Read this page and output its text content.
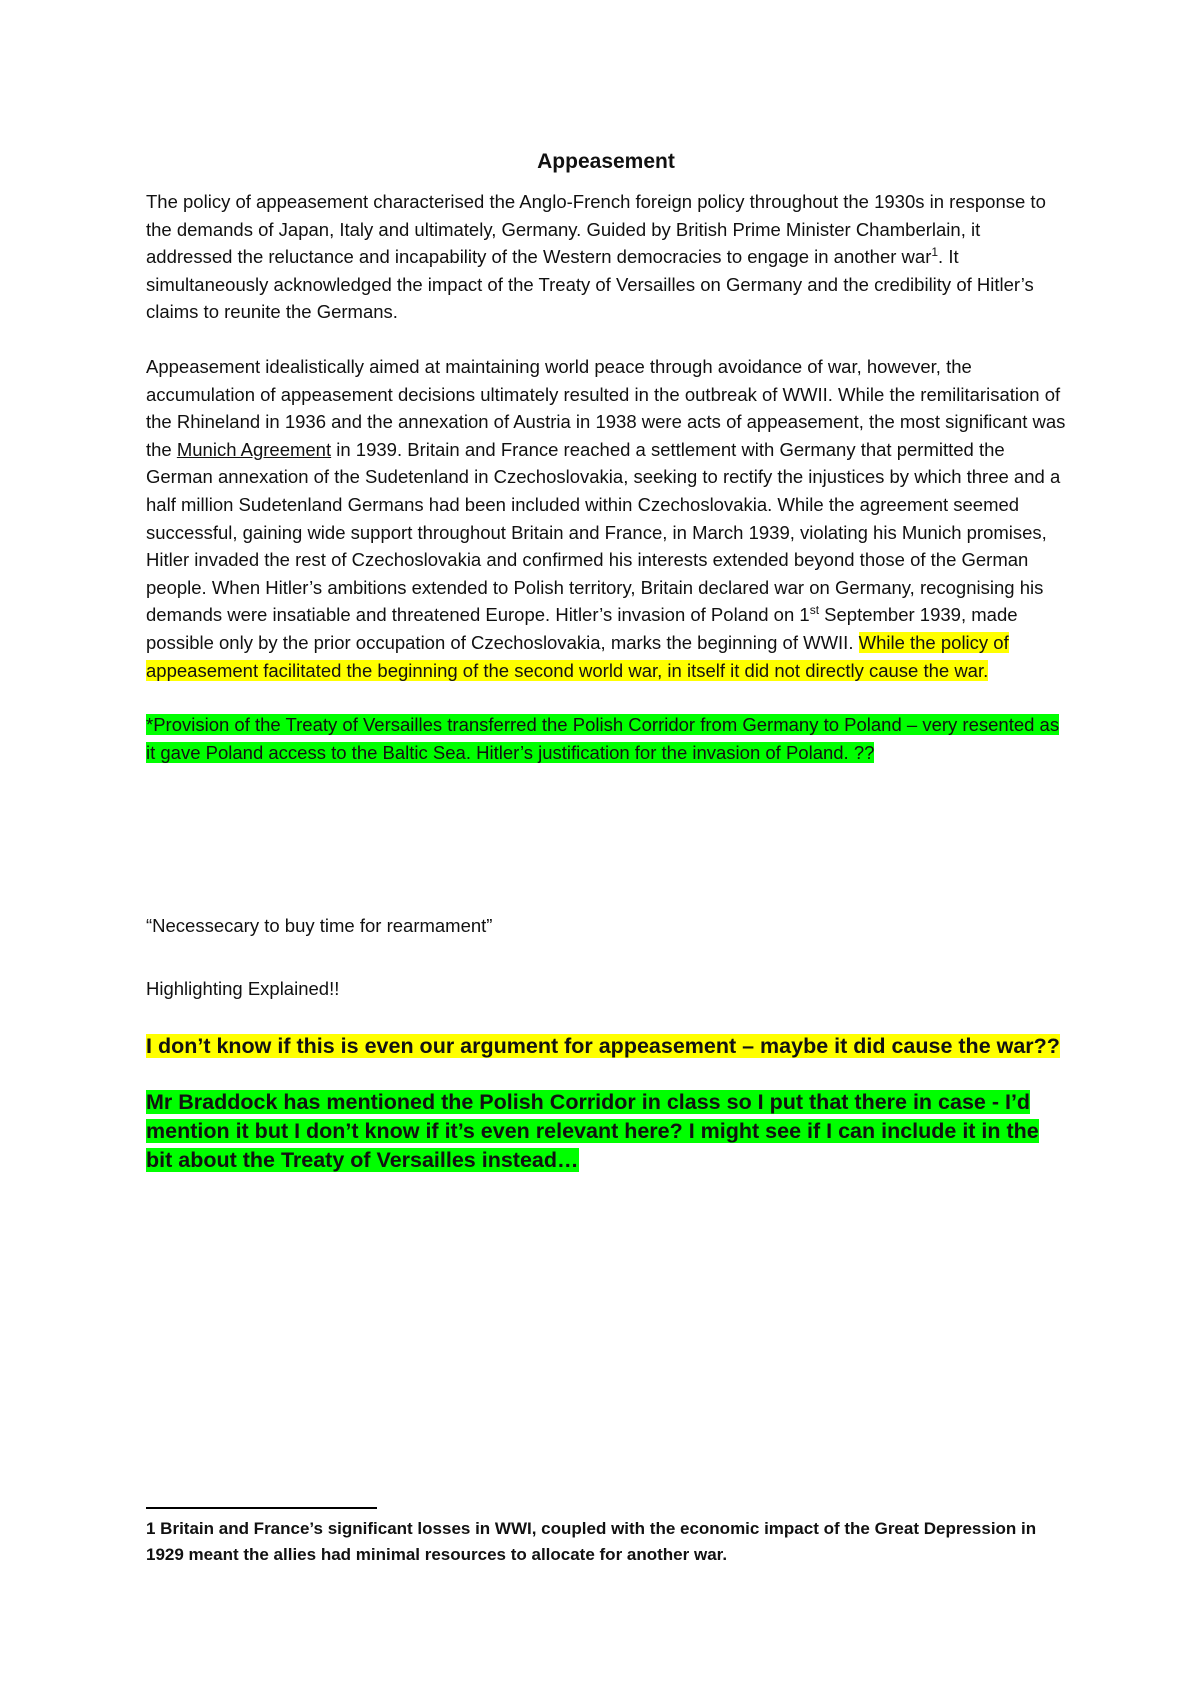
Appeasement

The policy of appeasement characterised the Anglo-French foreign policy throughout the 1930s in response to the demands of Japan, Italy and ultimately, Germany. Guided by British Prime Minister Chamberlain, it addressed the reluctance and incapability of the Western democracies to engage in another war$^1$. It simultaneously acknowledged the impact of the Treaty of Versailles on Germany and the credibility of Hitler’s claims to reunite the Germans.

Appeasement idealistically aimed at maintaining world peace through avoidance of war, however, the accumulation of appeasement decisions ultimately resulted in the outbreak of WWII. While the remilitarisation of the Rhineland in 1936 and the annexation of Austria in 1938 were acts of appeasement, the most significant was the Munich Agreement in 1939. Britain and France reached a settlement with Germany that permitted the German annexation of the Sudetenland in Czechoslovakia, seeking to rectify the injustices by which three and a half million Sudetenland Germans had been included within Czechoslovakia. While the agreement seemed successful, gaining wide support throughout Britain and France, in March 1939, violating his Munich promises, Hitler invaded the rest of Czechoslovakia and confirmed his interests extended beyond those of the German people. When Hitler’s ambitions extended to Polish territory, Britain declared war on Germany, recognising his demands were insatiable and threatened Europe. Hitler’s invasion of Poland on 1st September 1939, made possible only by the prior occupation of Czechoslovakia, marks the beginning of WWII. While the policy of appeasement facilitated the beginning of the second world war, in itself it did not directly cause the war.

*Provision of the Treaty of Versailles transferred the Polish Corridor from Germany to Poland – very resented as it gave Poland access to the Baltic Sea. Hitler’s justification for the invasion of Poland. ??

“Necessecary to buy time for rearmament”

Highlighting Explained!!

I don’t know if this is even our argument for appeasement – maybe it did cause the war??

Mr Braddock has mentioned the Polish Corridor in class so I put that there in case - I’d mention it but I don’t know if it’s even relevant here? I might see if I can include it in the bit about the Treaty of Versailles instead…

1 Britain and France’s significant losses in WWI, coupled with the economic impact of the Great Depression in 1929 meant the allies had minimal resources to allocate for another war.
